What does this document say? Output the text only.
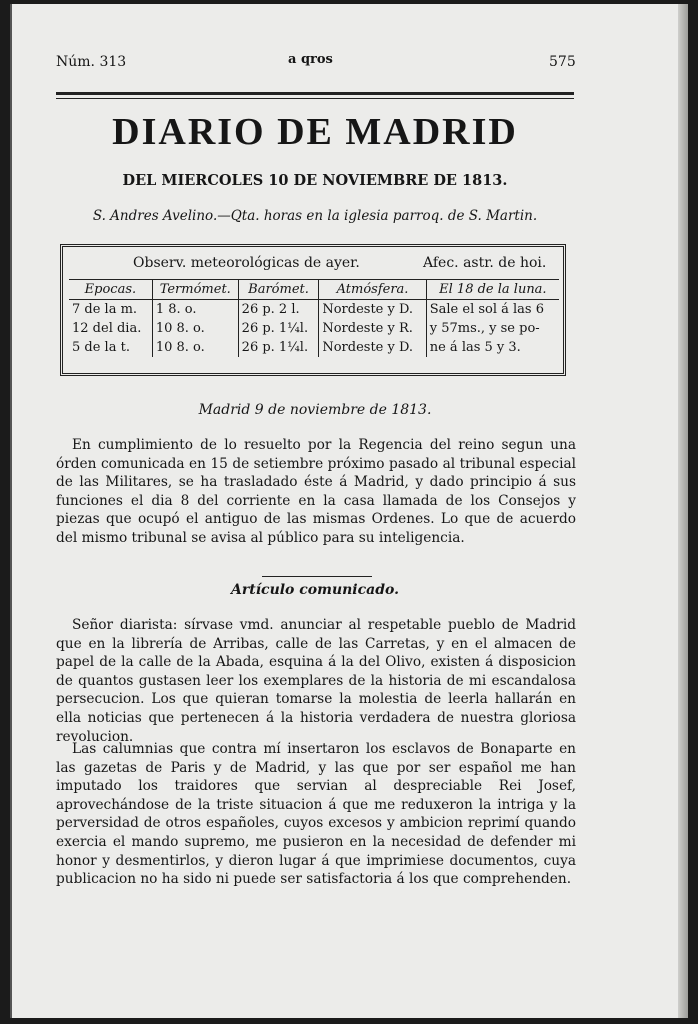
Núm. 313	a qros	575
DIARIO DE MADRID
DEL MIERCOLES 10 DE NOVIEMBRE DE 1813.
S. Andres Avelino.—Qta. horas en la iglesia parroq. de S. Martin.
Observ. meteorológicas de ayer.	Afec. astr. de hoi.
Epocas.	Termómet.	Barómet.	Atmósfera.	El 18 de la luna.
7 de la m.	1 8. o.	26 p. 2 l.	Nordeste y D.	Sale el sol á las 6
12 del dia.	10 8. o.	26 p. 1¼l.	Nordeste y R.	y 57ms., y se po-
5 de la t.	10 8. o.	26 p. 1¼l.	Nordeste y D.	ne á las 5 y 3.
Madrid 9 de noviembre de 1813.

En cumplimiento de lo resuelto por la Regencia del reino segun una órden comunicada en 15 de setiembre próximo pasado al tribunal especial de las Militares, se ha trasladado éste á Madrid, y dado principio á sus funciones el dia 8 del corriente en la casa llamada de los Consejos y piezas que ocupó el antiguo de las mismas Ordenes. Lo que de acuerdo del mismo tribunal se avisa al público para su inteligencia.

Artículo comunicado.

Señor diarista: sírvase vmd. anunciar al respetable pueblo de Madrid que en la librería de Arribas, calle de las Carretas, y en el almacen de papel de la calle de la Abada, esquina á la del Olivo, existen á disposicion de quantos gustasen leer los exemplares de la historia de mi escandalosa persecucion. Los que quieran tomarse la molestia de leerla hallarán en ella noticias que pertenecen á la historia verdadera de nuestra gloriosa revolucion.

Las calumnias que contra mí insertaron los esclavos de Bonaparte en las gazetas de Paris y de Madrid, y las que por ser español me han imputado los traidores que servian al despreciable Rei Josef, aprovechándose de la triste situacion á que me reduxeron la intriga y la perversidad de otros españoles, cuyos excesos y ambicion reprimí quando exercia el mando supremo, me pusieron en la necesidad de defender mi honor y desmentirlos, y dieron lugar á que imprimiese documentos, cuya publicacion no ha sido ni puede ser satisfactoria á los que comprehenden.
